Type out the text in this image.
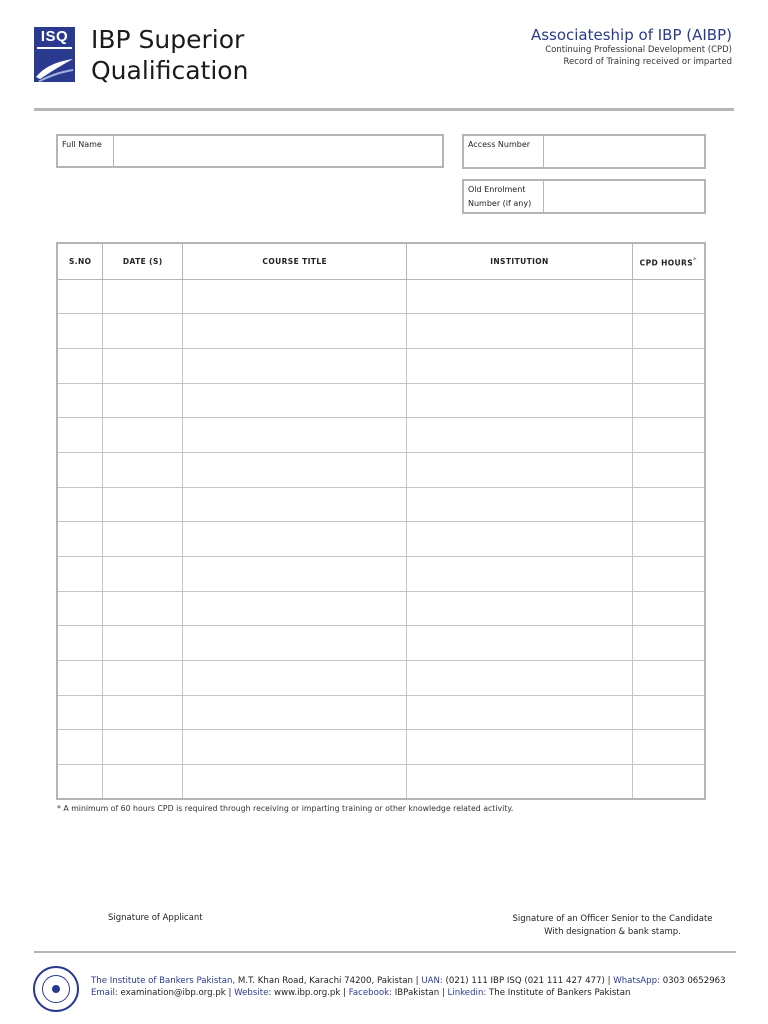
ISQ IBP Superior
Qualification
Associateship of IBP (AIBP)
Continuing Professional Development (CPD)
Record of Training received or imparted
Full Name	Access Number
Old Enrolment
Number (if any)
S.NO	DATE (S)	COURSE TITLE	INSTITUTION	CPD HOURS*

* A minimum of 60 hours CPD is required through receiving or imparting training or other knowledge related activity.
Signature of Applicant	Signature of an Officer Senior to the Candidate
With designation & bank stamp.
The Institute of Bankers Pakistan, M.T. Khan Road, Karachi 74200, Pakistan | UAN: (021) 111 IBP ISQ (021 111 427 477) | WhatsApp: 0303 0652963
Email: examination@ibp.org.pk | Website: www.ibp.org.pk | Facebook: IBPakistan | Linkedin: The Institute of Bankers Pakistan
